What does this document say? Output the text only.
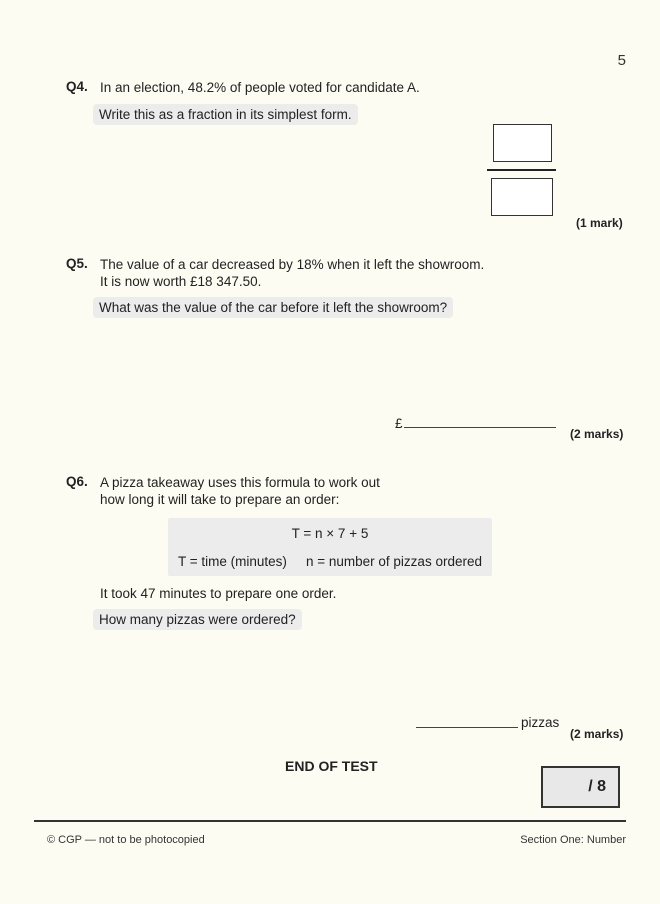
5
Q4. In an election, 48.2% of people voted for candidate A.
Write this as a fraction in its simplest form.
(1 mark)
Q5. The value of a car decreased by 18% when it left the showroom.
It is now worth £18 347.50.
What was the value of the car before it left the showroom?
£
(2 marks)
Q6. A pizza takeaway uses this formula to work out
how long it will take to prepare an order:
T = n × 7 + 5
T = time (minutes) n = number of pizzas ordered
It took 47 minutes to prepare one order.
How many pizzas were ordered?
pizzas
(2 marks)
END OF TEST
/ 8
© CGP — not to be photocopied	Section One: Number
